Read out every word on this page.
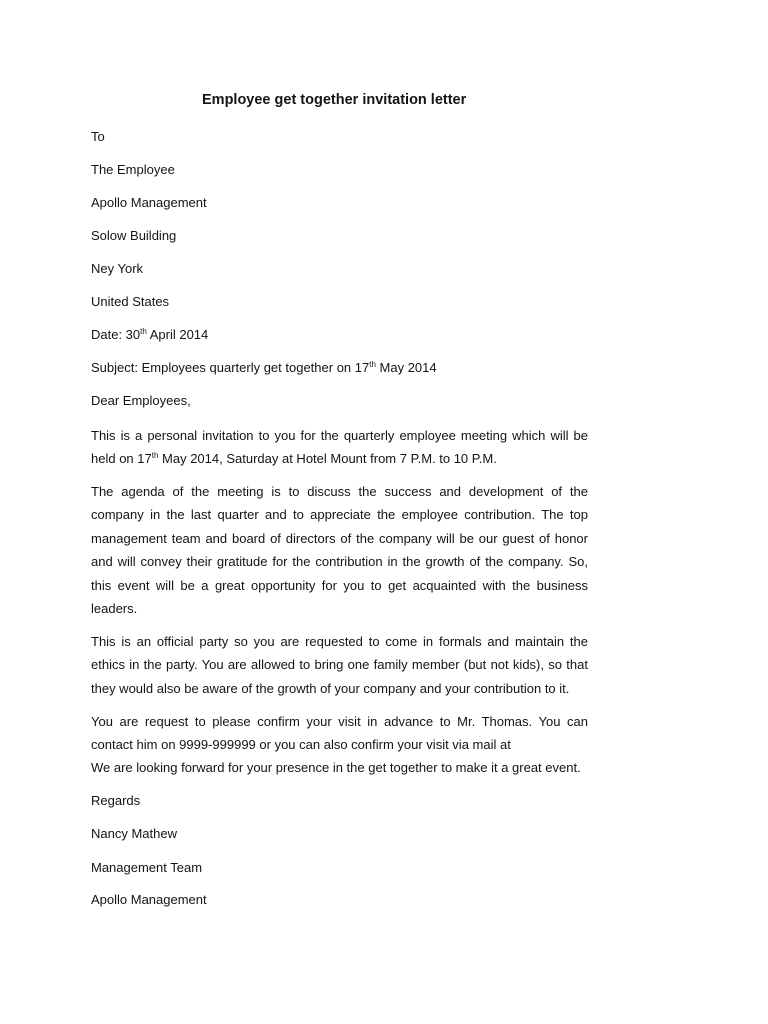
Employee get together invitation letter

To

The Employee

Apollo Management

Solow Building

Ney York

United States

Date: 30th April 2014

Subject: Employees quarterly get together on 17th May 2014

Dear Employees,

This is a personal invitation to you for the quarterly employee meeting which will be held on 17th May 2014, Saturday at Hotel Mount from 7 P.M. to 10 P.M.

The agenda of the meeting is to discuss the success and development of the company in the last quarter and to appreciate the employee contribution. The top management team and board of directors of the company will be our guest of honor and will convey their gratitude for the contribution in the growth of the company. So, this event will be a great opportunity for you to get acquainted with the business leaders.

This is an official party so you are requested to come in formals and maintain the ethics in the party. You are allowed to bring one family member (but not kids), so that they would also be aware of the growth of your company and your contribution to it.

You are request to please confirm your visit in advance to Mr. Thomas. You can contact him on 9999-999999 or you can also confirm your visit via mail at

We are looking forward for your presence in the get together to make it a great event.

Regards

Nancy Mathew

Management Team

Apollo Management
